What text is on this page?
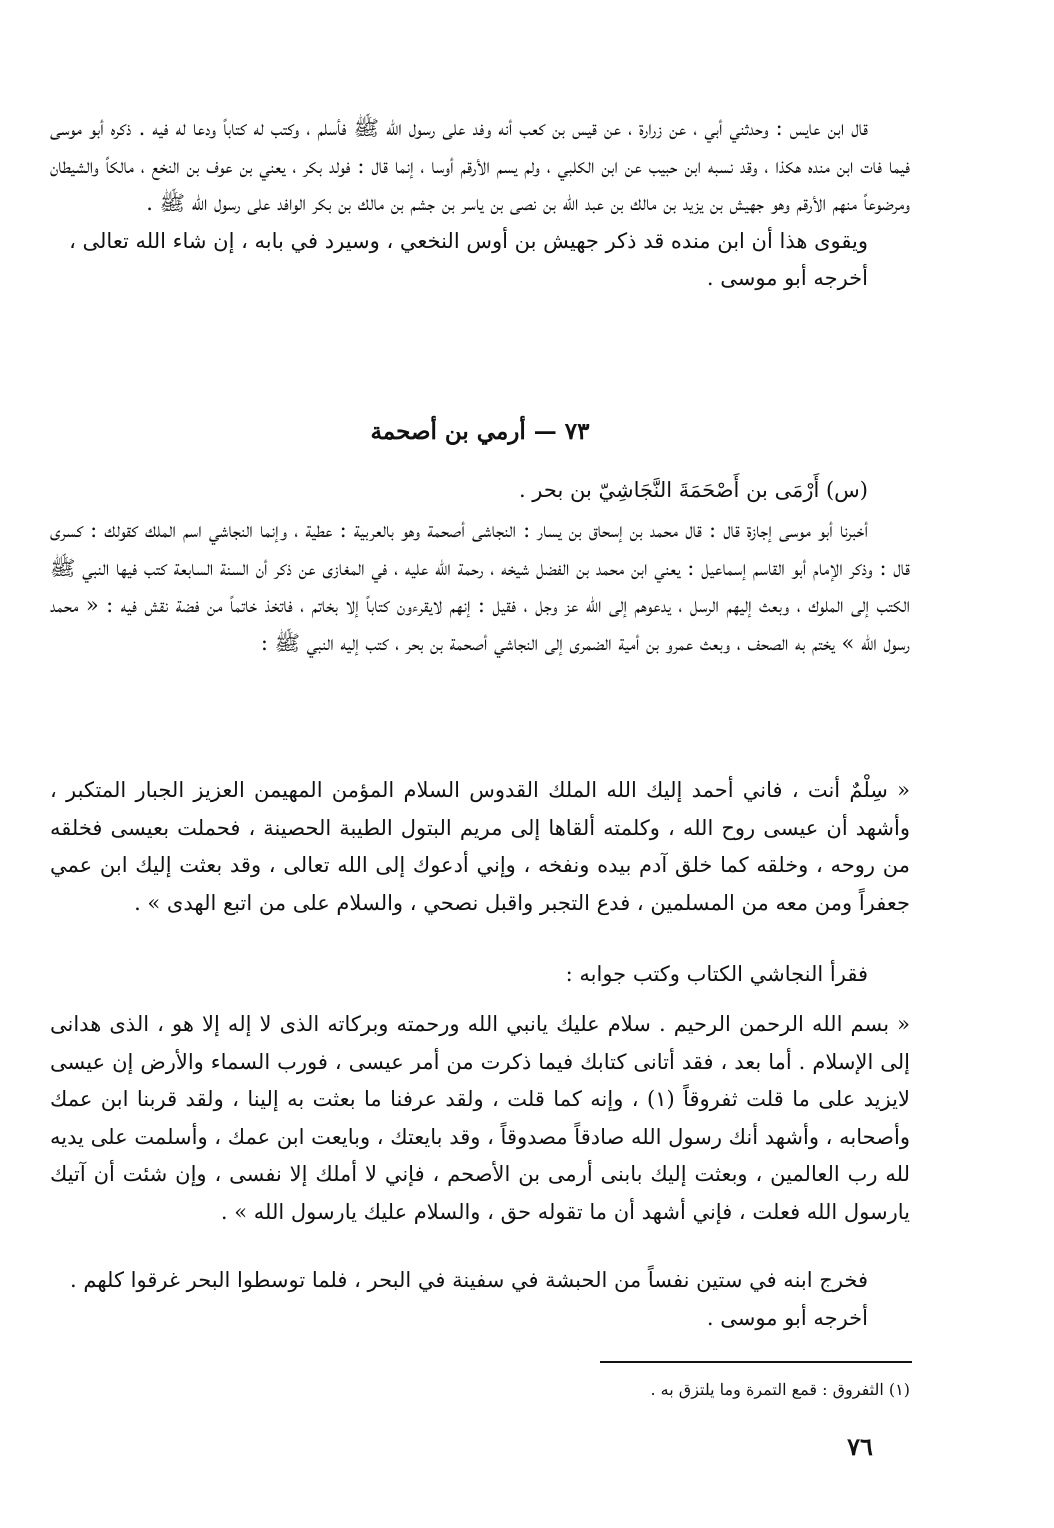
قال ابن عايس : وحدثني أبي ، عن زرارة ، عن قيس بن كعب أنه وفد على رسول الله ﷺ فأسلم ، وكتب له كتاباً ودعا له فيه . ذكره أبو موسى فيما فات ابن منده هكذا ، وقد نسبه ابن حبيب عن ابن الكلبي ، ولم يسم الأرقم أوسا ، إنما قال : فولد بكر ، يعني بن عوف بن النخع ، مالكاً والشيطان ومرضوعاً منهم الأرقم وهو جهيش بن يزيد بن مالك بن عبد الله بن نصى بن ياسر بن جشم بن مالك بن بكر الوافد على رسول الله ﷺ .

ويقوى هذا أن ابن منده قد ذكر جهيش بن أوس النخعي ، وسيرد في بابه ، إن شاء الله تعالى ،

أخرجه أبو موسى .

٧٣ — أرمي بن أصحمة
(س) أَرْمَى بن أَصْحَمَةَ النَّجَاشِيّ بن بحر .

أخبرنا أبو موسى إجازة قال : قال محمد بن إسحاق بن يسار : النجاشى أصحمة وهو بالعربية : عطية ، وإنما النجاشي اسم الملك كقولك : كسرى قال : وذكر الإمام أبو القاسم إسماعيل : يعني ابن محمد بن الفضل شيخه ، رحمة الله عليه ، في المغازى عن ذكر أن السنة السابعة كتب فيها النبي ﷺ الكتب إلى الملوك ، وبعث إليهم الرسل ، يدعوهم إلى الله عز وجل ، فقيل : إنهم لايقرءون كتاباً إلا بخاتم ، فاتخذ خاتماً من فضة نقش فيه : « محمد رسول الله » يختم به الصحف ، وبعث عمرو بن أمية الضمرى إلى النجاشي أصحمة بن بحر ، كتب إليه النبي ﷺ :

« سِلْمٌ أنت ، فاني أحمد إليك الله الملك القدوس السلام المؤمن المهيمن العزيز الجبار المتكبر ، وأشهد أن عيسى روح الله ، وكلمته ألقاها إلى مريم البتول الطيبة الحصينة ، فحملت بعيسى فخلقه من روحه ، وخلقه كما خلق آدم بيده ونفخه ، وإني أدعوك إلى الله تعالى ، وقد بعثت إليك ابن عمي جعفراً ومن معه من المسلمين ، فدع التجبر واقبل نصحي ، والسلام على من اتبع الهدى » .

فقرأ النجاشي الكتاب وكتب جوابه :

« بسم الله الرحمن الرحيم . سلام عليك يانبي الله ورحمته وبركاته الذى لا إله إلا هو ، الذى هدانى إلى الإسلام . أما بعد ، فقد أتانى كتابك فيما ذكرت من أمر عيسى ، فورب السماء والأرض إن عيسى لايزيد على ما قلت ثفروقاً (١) ، وإنه كما قلت ، ولقد عرفنا ما بعثت به إلينا ، ولقد قربنا ابن عمك وأصحابه ، وأشهد أنك رسول الله صادقاً مصدوقاً ، وقد بايعتك ، وبايعت ابن عمك ، وأسلمت على يديه لله رب العالمين ، وبعثت إليك بابنى أرمى بن الأصحم ، فإني لا أملك إلا نفسى ، وإن شئت أن آتيك يارسول الله فعلت ، فإني أشهد أن ما تقوله حق ، والسلام عليك يارسول الله » .

فخرج ابنه في ستين نفساً من الحبشة في سفينة في البحر ، فلما توسطوا البحر غرقوا كلهم .

أخرجه أبو موسى .

(١) الثفروق : قمع التمرة وما يلتزق به .
٧٦
